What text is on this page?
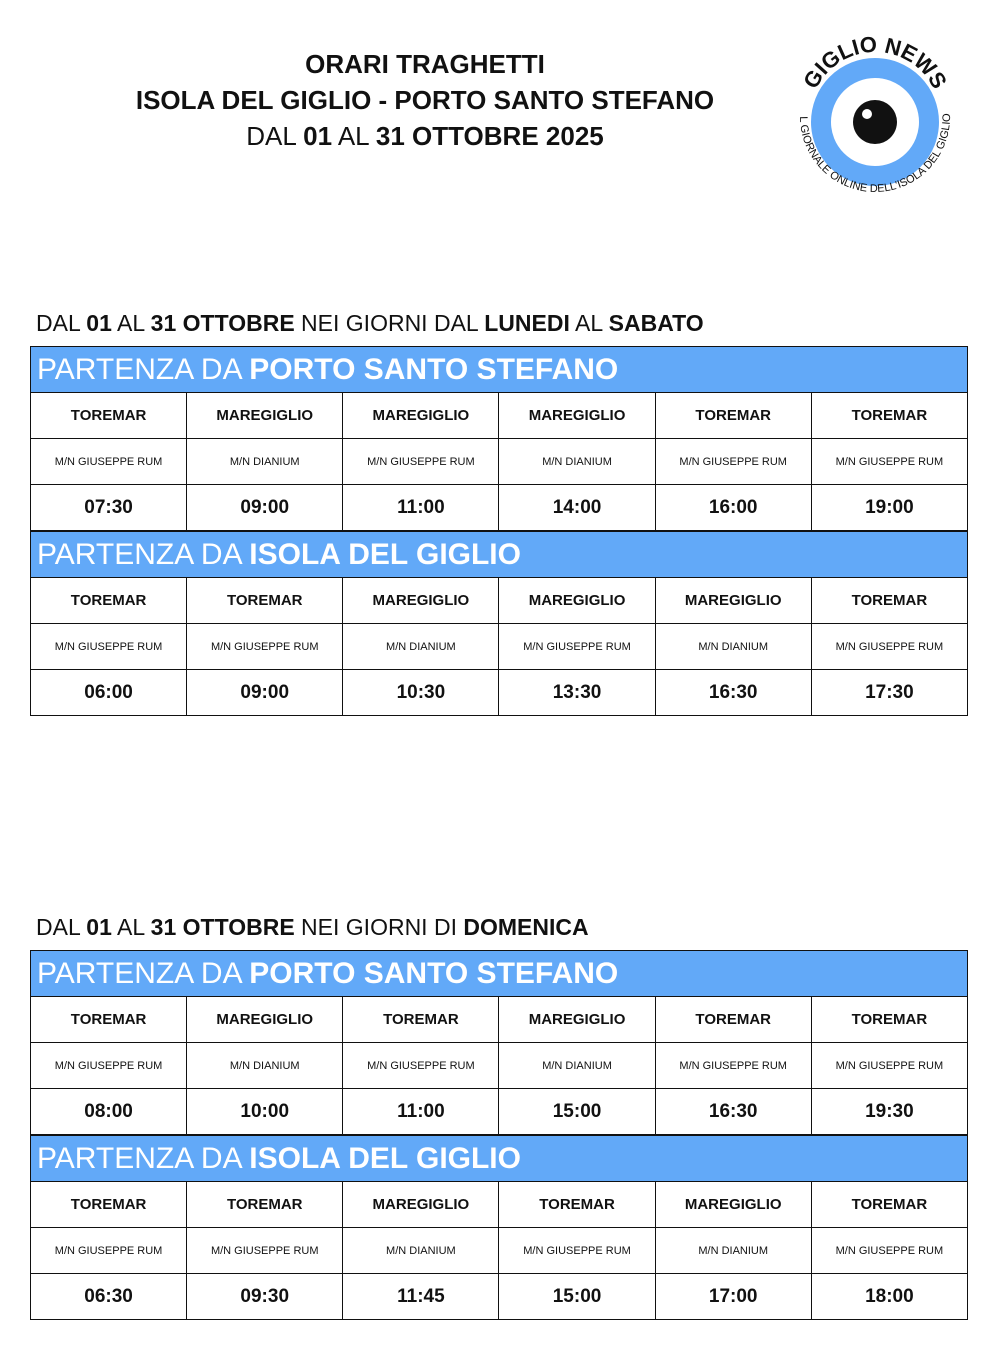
ORARI TRAGHETTI
ISOLA DEL GIGLIO - PORTO SANTO STEFANO
DAL 01 AL 31 OTTOBRE 2025
GIGLIO NEWS
L GIORNALE ONLINE DELL'ISOLA DEL GIGLIO
DAL 01 AL 31 OTTOBRE NEI GIORNI DAL LUNEDI AL SABATO
PARTENZA DA PORTO SANTO STEFANO
TOREMAR	MAREGIGLIO	MAREGIGLIO	MAREGIGLIO	TOREMAR	TOREMAR
M/N GIUSEPPE RUM	M/N DIANIUM	M/N GIUSEPPE RUM	M/N DIANIUM	M/N GIUSEPPE RUM	M/N GIUSEPPE RUM
07:30	09:00	11:00	14:00	16:00	19:00
PARTENZA DA ISOLA DEL GIGLIO
TOREMAR	TOREMAR	MAREGIGLIO	MAREGIGLIO	MAREGIGLIO	TOREMAR
M/N GIUSEPPE RUM	M/N GIUSEPPE RUM	M/N DIANIUM	M/N GIUSEPPE RUM	M/N DIANIUM	M/N GIUSEPPE RUM
06:00	09:00	10:30	13:30	16:30	17:30
DAL 01 AL 31 OTTOBRE NEI GIORNI DI DOMENICA
PARTENZA DA PORTO SANTO STEFANO
TOREMAR	MAREGIGLIO	TOREMAR	MAREGIGLIO	TOREMAR	TOREMAR
M/N GIUSEPPE RUM	M/N DIANIUM	M/N GIUSEPPE RUM	M/N DIANIUM	M/N GIUSEPPE RUM	M/N GIUSEPPE RUM
08:00	10:00	11:00	15:00	16:30	19:30
PARTENZA DA ISOLA DEL GIGLIO
TOREMAR	TOREMAR	MAREGIGLIO	TOREMAR	MAREGIGLIO	TOREMAR
M/N GIUSEPPE RUM	M/N GIUSEPPE RUM	M/N DIANIUM	M/N GIUSEPPE RUM	M/N DIANIUM	M/N GIUSEPPE RUM
06:30	09:30	11:45	15:00	17:00	18:00
